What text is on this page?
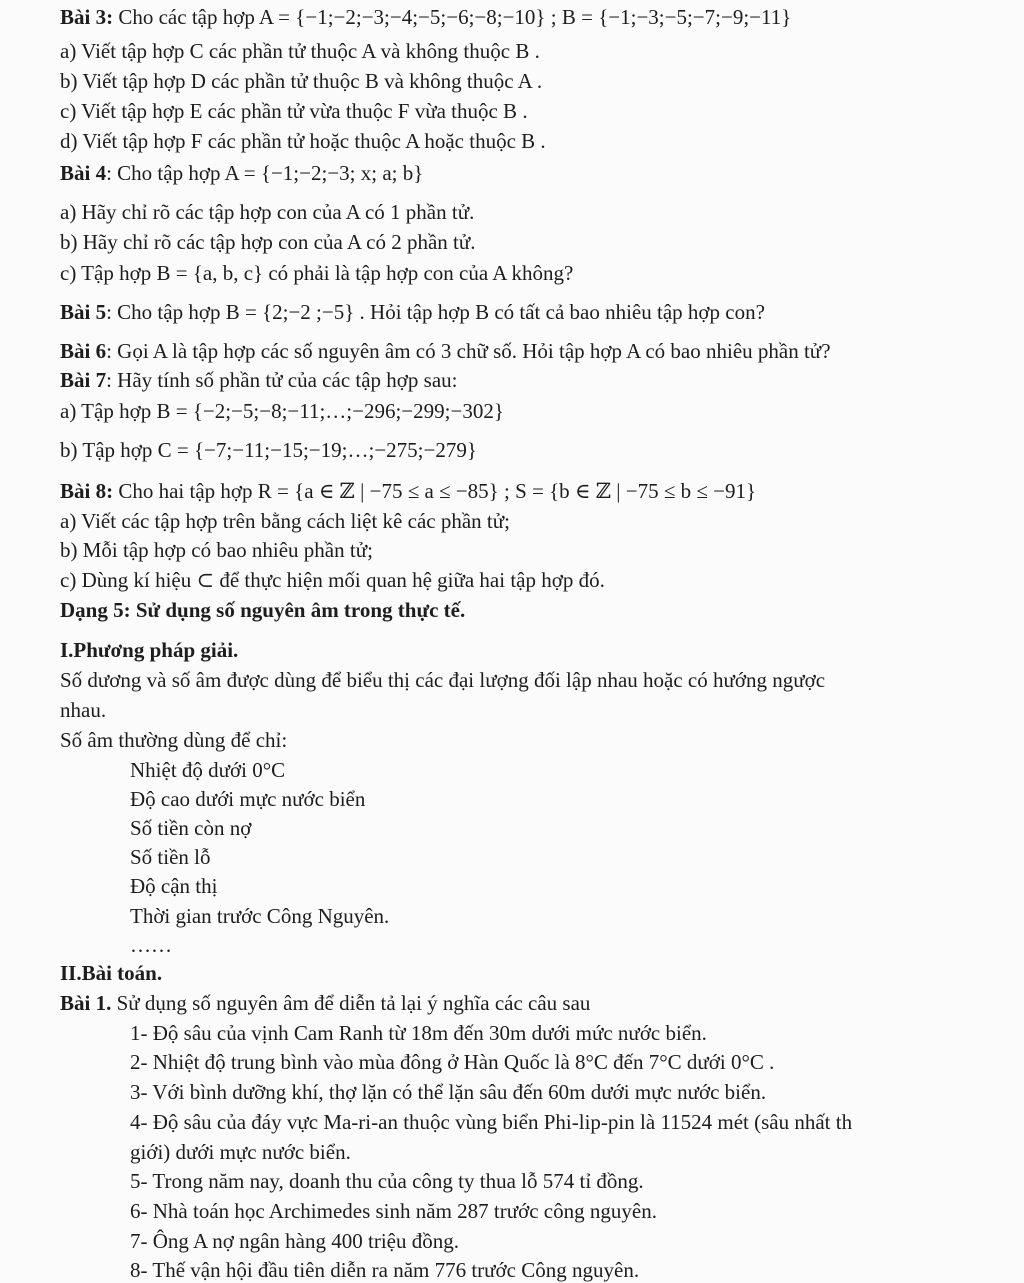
Bài 3: Cho các tập hợp A = {−1;−2;−3;−4;−5;−6;−8;−10} ; B = {−1;−3;−5;−7;−9;−11}
a) Viết tập hợp C các phần tử thuộc A và không thuộc B .
b) Viết tập hợp D các phần tử thuộc B và không thuộc A .
c) Viết tập hợp E các phần tử vừa thuộc F vừa thuộc B .
d) Viết tập hợp F các phần tử hoặc thuộc A hoặc thuộc B .
Bài 4: Cho tập hợp A = {−1;−2;−3; x; a; b}
a) Hãy chỉ rõ các tập hợp con của A có 1 phần tử.
b) Hãy chỉ rõ các tập hợp con của A có 2 phần tử.
c) Tập hợp B = {a, b, c} có phải là tập hợp con của A không?
Bài 5: Cho tập hợp B = {2;−2 ;−5} . Hỏi tập hợp B có tất cả bao nhiêu tập hợp con?
Bài 6: Gọi A là tập hợp các số nguyên âm có 3 chữ số. Hỏi tập hợp A có bao nhiêu phần tử?
Bài 7: Hãy tính số phần tử của các tập hợp sau:
a) Tập hợp B = {−2;−5;−8;−11;…;−296;−299;−302}
b) Tập hợp C = {−7;−11;−15;−19;…;−275;−279}
Bài 8: Cho hai tập hợp R = {a ∈ ℤ | −75 ≤ a ≤ −85} ; S = {b ∈ ℤ | −75 ≤ b ≤ −91}
a) Viết các tập hợp trên bằng cách liệt kê các phần tử;
b) Mỗi tập hợp có bao nhiêu phần tử;
c) Dùng kí hiệu ⊂ để thực hiện mối quan hệ giữa hai tập hợp đó.
Dạng 5: Sử dụng số nguyên âm trong thực tế.
I.Phương pháp giải.
Số dương và số âm được dùng để biểu thị các đại lượng đối lập nhau hoặc có hướng ngược
nhau.
Số âm thường dùng để chỉ:
Nhiệt độ dưới 0°C
Độ cao dưới mực nước biển
Số tiền còn nợ
Số tiền lỗ
Độ cận thị
Thời gian trước Công Nguyên.
……
II.Bài toán.
Bài 1. Sử dụng số nguyên âm để diễn tả lại ý nghĩa các câu sau
1- Độ sâu của vịnh Cam Ranh từ 18m đến 30m dưới mức nước biển.
2- Nhiệt độ trung bình vào mùa đông ở Hàn Quốc là 8°C đến 7°C dưới 0°C .
3- Với bình dưỡng khí, thợ lặn có thể lặn sâu đến 60m dưới mực nước biển.
4- Độ sâu của đáy vực Ma-ri-an thuộc vùng biển Phi-lip-pin là 11524 mét (sâu nhất th
giới) dưới mực nước biển.
5- Trong năm nay, doanh thu của công ty thua lỗ 574 tỉ đồng.
6- Nhà toán học Archimedes sinh năm 287 trước công nguyên.
7- Ông A nợ ngân hàng 400 triệu đồng.
8- Thế vận hội đầu tiên diễn ra năm 776 trước Công nguyên.
